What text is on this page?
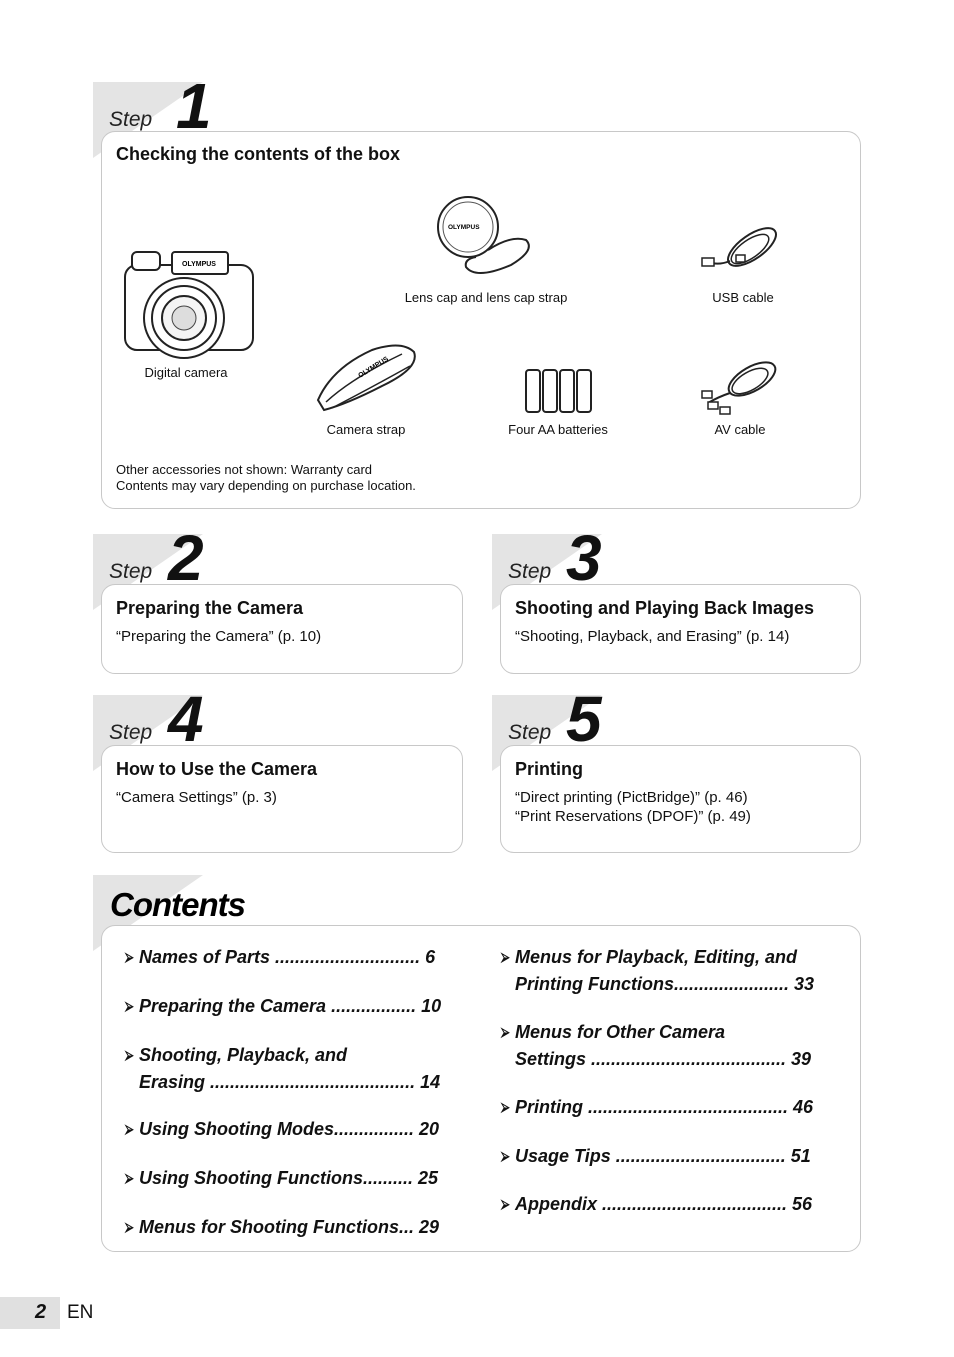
Step 1
Checking the contents of the box
OLYMPUS
Digital camera
OLYMPUS
Lens cap and lens cap strap	USB cable
OLYMPUS
Camera strap	Four AA batteries	AV cable
Other accessories not shown: Warranty card
Contents may vary depending on purchase location.
Step 2
Preparing the Camera
“Preparing the Camera” (p. 10)
Step 3
Shooting and Playing Back Images
“Shooting, Playback, and Erasing” (p. 14)
Step 4
How to Use the Camera
“Camera Settings” (p. 3)
Step 5
Printing
“Direct printing (PictBridge)” (p. 46)
“Print Reservations (DPOF)” (p. 49)
Contents
⮚ Names of Parts ............................. 6
⮚ Preparing the Camera ................. 10
⮚ Shooting, Playback, and
Erasing ......................................... 14
⮚ Using Shooting Modes................ 20
⮚ Using Shooting Functions.......... 25
⮚ Menus for Shooting Functions... 29
⮚ Menus for Playback, Editing, and
Printing Functions....................... 33
⮚ Menus for Other Camera
Settings ....................................... 39
⮚ Printing ........................................ 46
⮚ Usage Tips .................................. 51
⮚ Appendix ..................................... 56
2 EN
